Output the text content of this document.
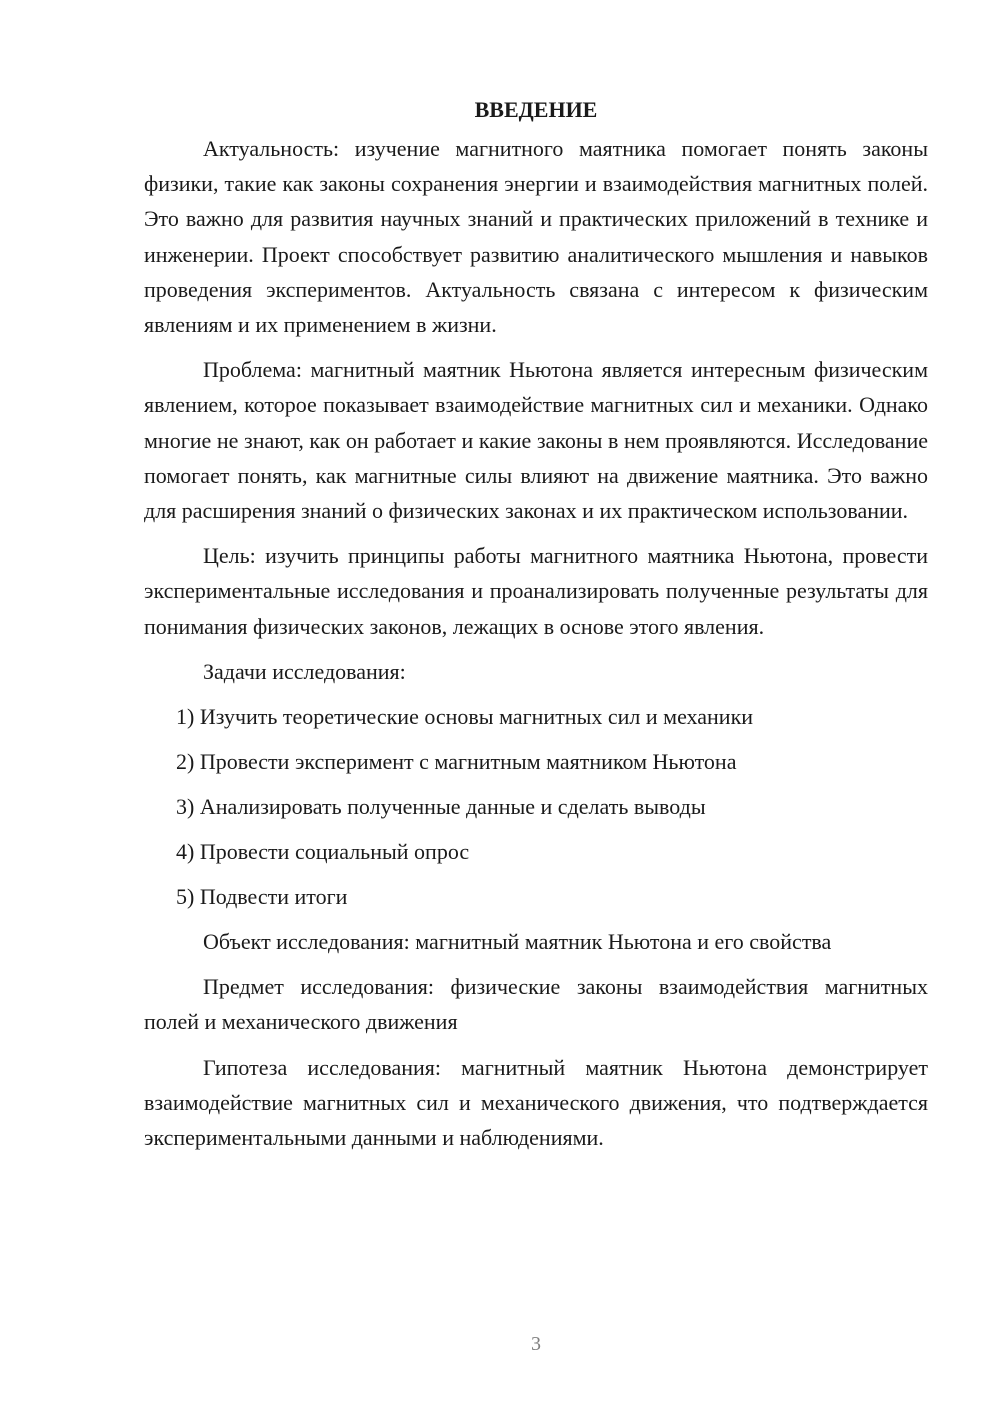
ВВЕДЕНИЕ

Актуальность: изучение магнитного маятника помогает понять законы физики, такие как законы сохранения энергии и взаимодействия магнитных полей. Это важно для развития научных знаний и практических приложений в технике и инженерии. Проект способствует развитию аналитического мышления и навыков проведения экспериментов. Актуальность связана с интересом к физическим явлениям и их применением в жизни.

Проблема: магнитный маятник Ньютона является интересным физическим явлением, которое показывает взаимодействие магнитных сил и механики. Однако многие не знают, как он работает и какие законы в нем проявляются. Исследование помогает понять, как магнитные силы влияют на движение маятника. Это важно для расширения знаний о физических законах и их практическом использовании.

Цель: изучить принципы работы магнитного маятника Ньютона, провести экспериментальные исследования и проанализировать полученные результаты для понимания физических законов, лежащих в основе этого явления.

Задачи исследования:

1) Изучить теоретические основы магнитных сил и механики

2) Провести эксперимент с магнитным маятником Ньютона

3) Анализировать полученные данные и сделать выводы

4) Провести социальный опрос

5) Подвести итоги

Объект исследования: магнитный маятник Ньютона и его свойства

Предмет исследования: физические законы взаимодействия магнитных полей и механического движения

Гипотеза исследования: магнитный маятник Ньютона демонстрирует взаимодействие магнитных сил и механического движения, что подтверждается экспериментальными данными и наблюдениями.

3
